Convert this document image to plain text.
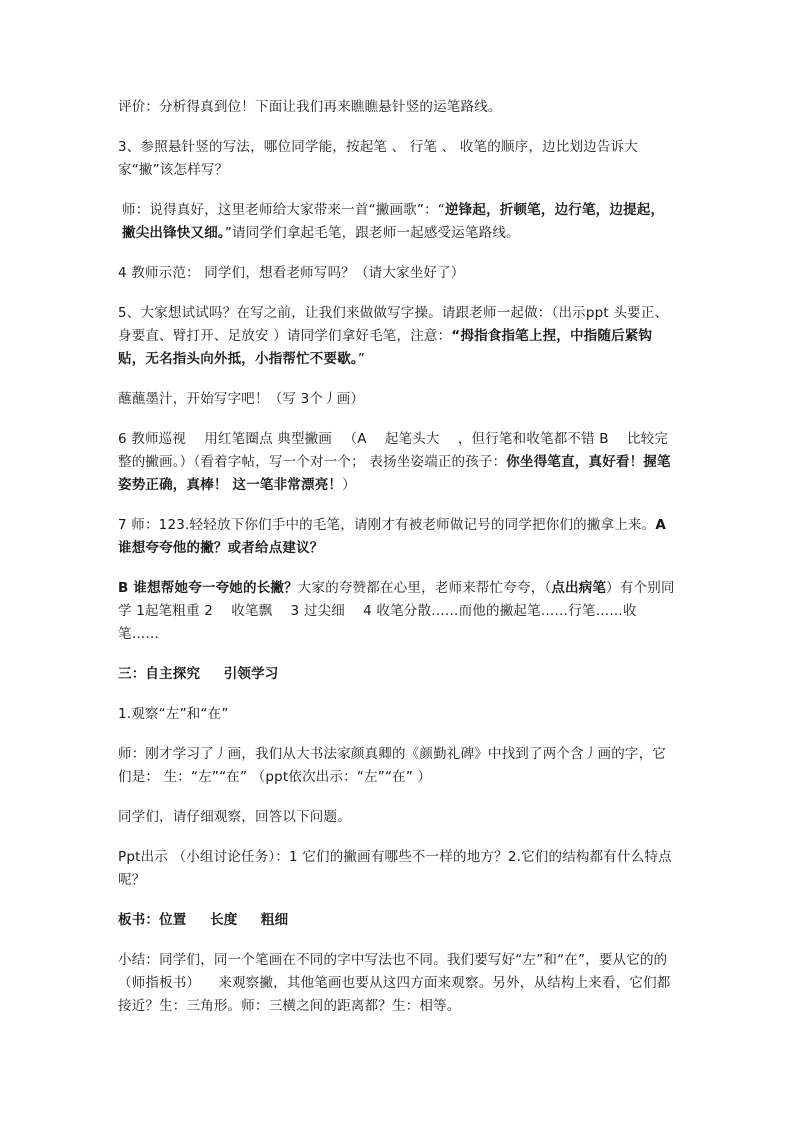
评价：分析得真到位！下面让我们再来瞧瞧悬针竖的运笔路线。

3、参照悬针竖的写法，哪位同学能，按起笔 、 行笔 、 收笔的顺序，边比划边告诉大家“撇”该怎样写？

师：说得真好，这里老师给大家带来一首“撇画歌”：“逆锋起，折顿笔，边行笔，边提起，撇尖出锋快又细。”请同学们拿起毛笔，跟老师一起感受运笔路线。

4 教师示范： 同学们，想看老师写吗？（请大家坐好了）

5、大家想试试吗？在写之前，让我们来做做写字操。请跟老师一起做：（出示ppt 头要正、身要直、臂打开、足放安 ）请同学们拿好毛笔，注意：“拇指食指笔上捏，中指随后紧钩贴，无名指头向外抵，小指帮忙不要歇。”

蘸蘸墨汁，开始写字吧！（写 3个丿画）

6 教师巡视 　用红笔圈点 典型撇画 　（A 　起笔头大 　，但行笔和收笔都不错 B 　比较完整的撇画。）（看着字帖，写一个对一个； 表扬坐姿端正的孩子：你坐得笔直，真好看！握笔姿势正确，真棒！ 这一笔非常漂亮！）

7 师：123.轻轻放下你们手中的毛笔，请刚才有被老师做记号的同学把你们的撇拿上来。A 谁想夸夸他的撇？或者给点建议？

B 谁想帮她夸一夸她的长撇？大家的夸赞都在心里，老师来帮忙夸夸，（点出病笔）有个别同学 1起笔粗重 2 　收笔飘 　3 过尖细 　4 收笔分散……而他的撇起笔……行笔……收笔……

三：自主探究 　 引领学习

1.观察“左”和“在”

师：刚才学习了丿画，我们从大书法家颜真卿的《颜勤礼碑》中找到了两个含丿画的字，它们是： 生：“左”“在” （ppt依次出示：“左”“在” ）

同学们，请仔细观察，回答以下问题。

Ppt出示 （小组讨论任务）：1 它们的撇画有哪些不一样的地方？2.它们的结构都有什么特点呢？

板书：位置 　 长度 　 粗细

小结：同学们，同一个笔画在不同的字中写法也不同。我们要写好“左”和“在”，要从它的的（师指板书） 　来观察撇，其他笔画也要从这四方面来观察。另外，从结构上来看，它们都接近？生：三角形。师：三横之间的距离都？生：相等。
